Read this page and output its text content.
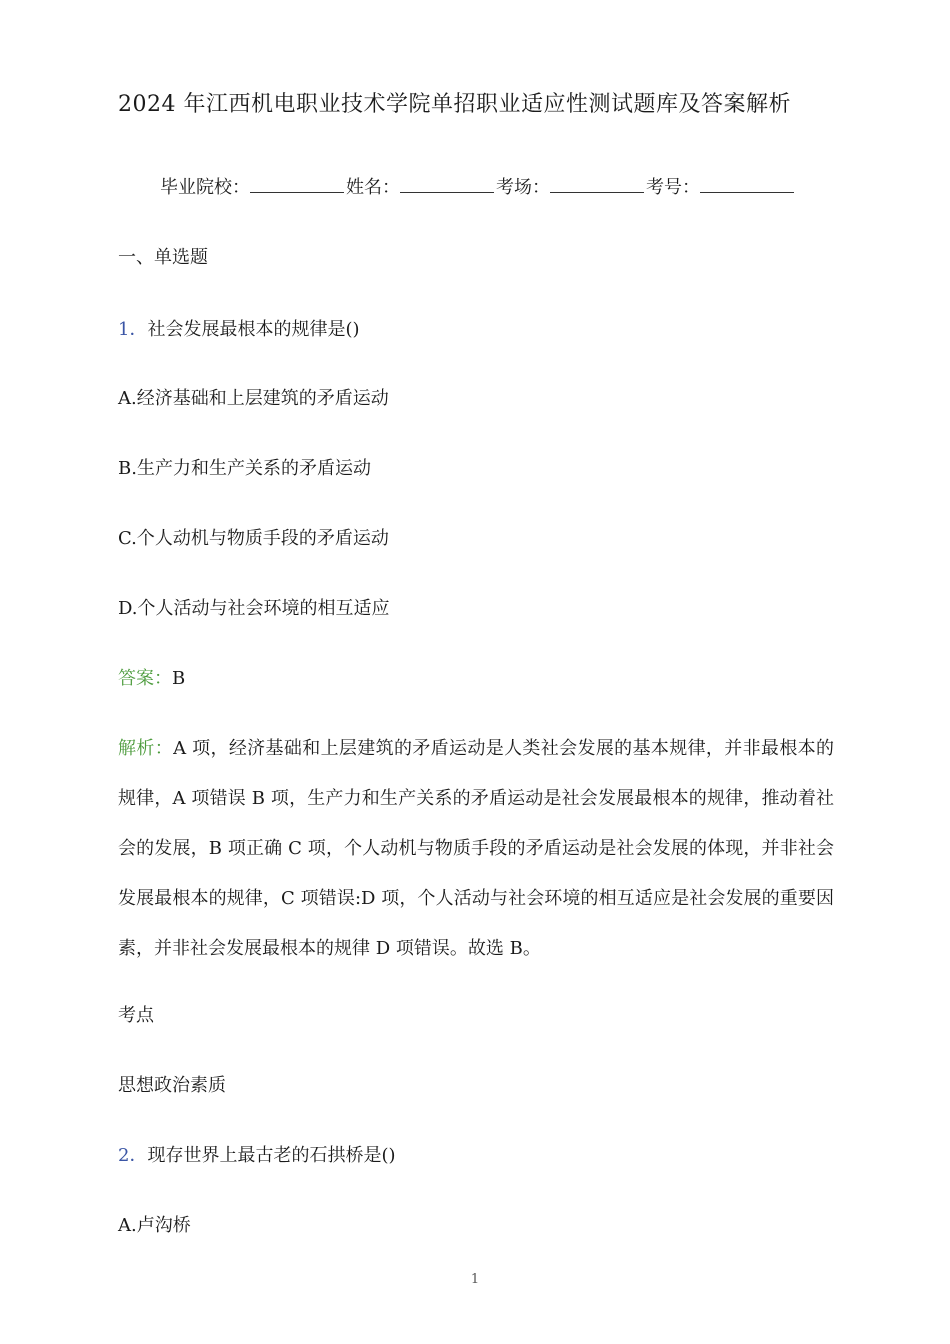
2024 年江西机电职业技术学院单招职业适应性测试题库及答案解析
毕业院校：	姓名：	考场：	考号：
一、单选题
1．社会发展最根本的规律是()
A.经济基础和上层建筑的矛盾运动
B.生产力和生产关系的矛盾运动
C.个人动机与物质手段的矛盾运动
D.个人活动与社会环境的相互适应
答案：B
解析：A 项，经济基础和上层建筑的矛盾运动是人类社会发展的基本规律，并非最根本的规律，A 项错误 B 项，生产力和生产关系的矛盾运动是社会发展最根本的规律，推动着社会的发展，B 项正确 C 项，个人动机与物质手段的矛盾运动是社会发展的体现，并非社会发展最根本的规律，C 项错误:D 项，个人活动与社会环境的相互适应是社会发展的重要因素，并非社会发展最根本的规律 D 项错误。故选 B。
考点
思想政治素质
2．现存世界上最古老的石拱桥是()
A.卢沟桥
1
